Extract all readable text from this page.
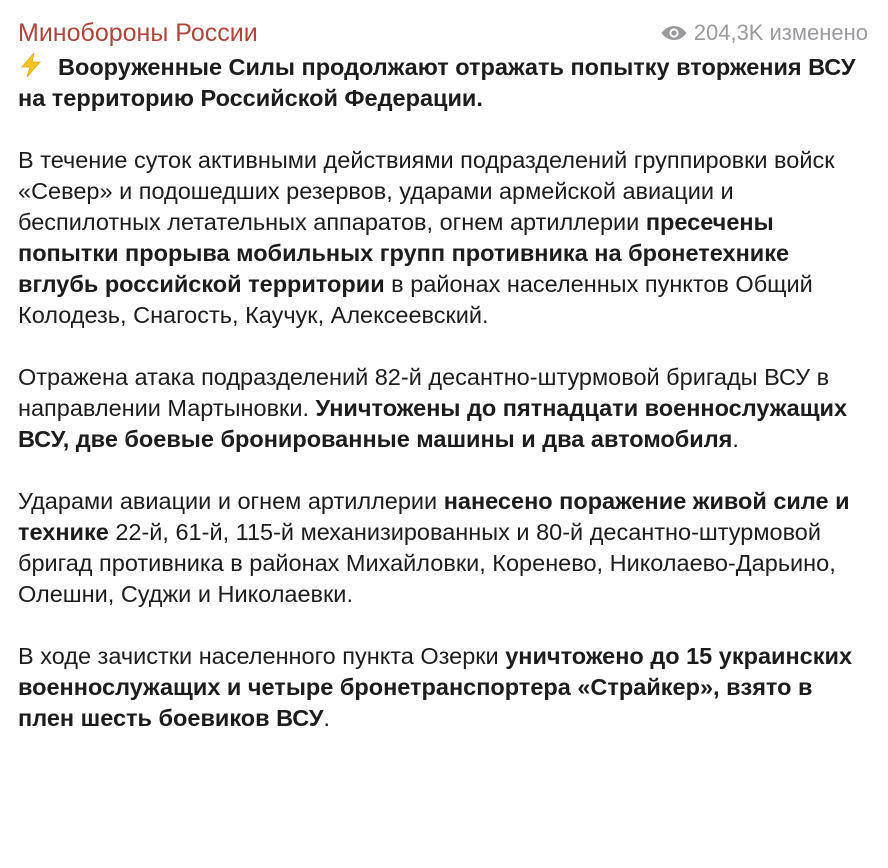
Минобороны России	204,3K изменено

Вооруженные Силы продолжают отражать попытку вторжения ВСУ на территорию Российской Федерации.

В течение суток активными действиями подразделений группировки войск «Север» и подошедших резервов, ударами армейской авиации и беспилотных летательных аппаратов, огнем артиллерии пресечены попытки прорыва мобильных групп противника на бронетехнике вглубь российской территории в районах населенных пунктов Общий Колодезь, Снагость, Каучук, Алексеевский.

Отражена атака подразделений 82-й десантно-штурмовой бригады ВСУ в направлении Мартыновки. Уничтожены до пятнадцати военнослужащих ВСУ, две боевые бронированные машины и два автомобиля.

Ударами авиации и огнем артиллерии нанесено поражение живой силе и технике 22-й, 61-й, 115-й механизированных и 80-й десантно-штурмовой бригад противника в районах Михайловки, Коренево, Николаево-Дарьино, Олешни, Суджи и Николаевки.

В ходе зачистки населенного пункта Озерки уничтожено до 15 украинских военнослужащих и четыре бронетранспортера «Страйкер», взято в плен шесть боевиков ВСУ.
